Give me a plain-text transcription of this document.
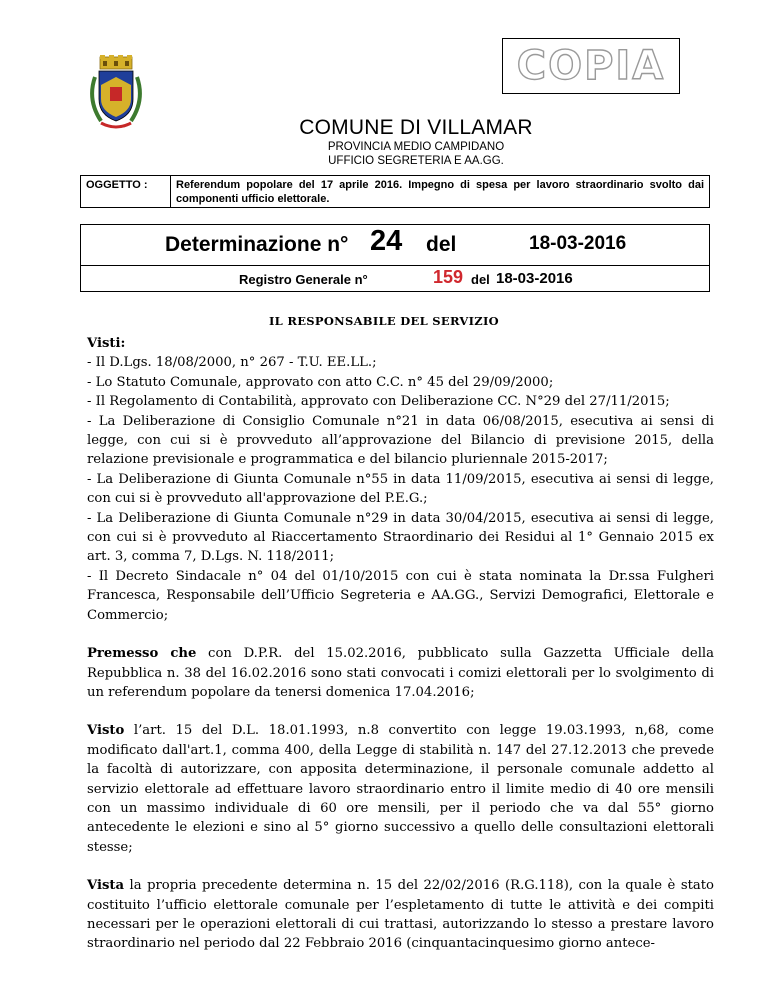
COPIA
COMUNE DI VILLAMAR
PROVINCIA MEDIO CAMPIDANO
UFFICIO SEGRETERIA E AA.GG.
OGGETTO :	Referendum popolare del 17 aprile 2016. Impegno di spesa per lavoro straordinario svolto dai componenti ufficio elettorale.
Determinazione n° 24 del	18-03-2016
Registro Generale n°	159 del 18-03-2016
IL RESPONSABILE DEL SERVIZIO

Visti:

- Il D.Lgs. 18/08/2000, n° 267 - T.U. EE.LL.;

- Lo Statuto Comunale, approvato con atto C.C. n° 45 del 29/09/2000;

- Il Regolamento di Contabilità, approvato con Deliberazione CC. N°29 del 27/11/2015;

- La Deliberazione di Consiglio Comunale n°21 in data 06/08/2015, esecutiva ai sensi di legge, con cui si è provveduto all’approvazione del Bilancio di previsione 2015, della relazione previsionale e programmatica e del bilancio pluriennale 2015-2017;

- La Deliberazione di Giunta Comunale n°55 in data 11/09/2015, esecutiva ai sensi di legge, con cui si è provveduto all'approvazione del P.E.G.;

- La Deliberazione di Giunta Comunale n°29 in data 30/04/2015, esecutiva ai sensi di legge, con cui si è provveduto al Riaccertamento Straordinario dei Residui al 1° Gennaio 2015 ex art. 3, comma 7, D.Lgs. N. 118/2011;

- Il Decreto Sindacale n° 04 del 01/10/2015 con cui è stata nominata la Dr.ssa Fulgheri Francesca, Responsabile dell’Ufficio Segreteria e AA.GG., Servizi Demografici, Elettorale e Commercio;

Premesso che con D.P.R. del 15.02.2016, pubblicato sulla Gazzetta Ufficiale della Repubblica n. 38 del 16.02.2016 sono stati convocati i comizi elettorali per lo svolgimento di un referendum popolare da tenersi domenica 17.04.2016;

Visto l’art. 15 del D.L. 18.01.1993, n.8 convertito con legge 19.03.1993, n,68, come modificato dall'art.1, comma 400, della Legge di stabilità n. 147 del 27.12.2013 che prevede la facoltà di autorizzare, con apposita determinazione, il personale comunale addetto al servizio elettorale ad effettuare lavoro straordinario entro il limite medio di 40 ore mensili con un massimo individuale di 60 ore mensili, per il periodo che va dal 55° giorno antecedente le elezioni e sino al 5° giorno successivo a quello delle consultazioni elettorali stesse;

Vista la propria precedente determina n. 15 del 22/02/2016 (R.G.118), con la quale è stato costituito l’ufficio elettorale comunale per l’espletamento di tutte le attività e dei compiti necessari per le operazioni elettorali di cui trattasi, autorizzando lo stesso a prestare lavoro straordinario nel periodo dal 22 Febbraio 2016 (cinquantacinquesimo giorno antece-
